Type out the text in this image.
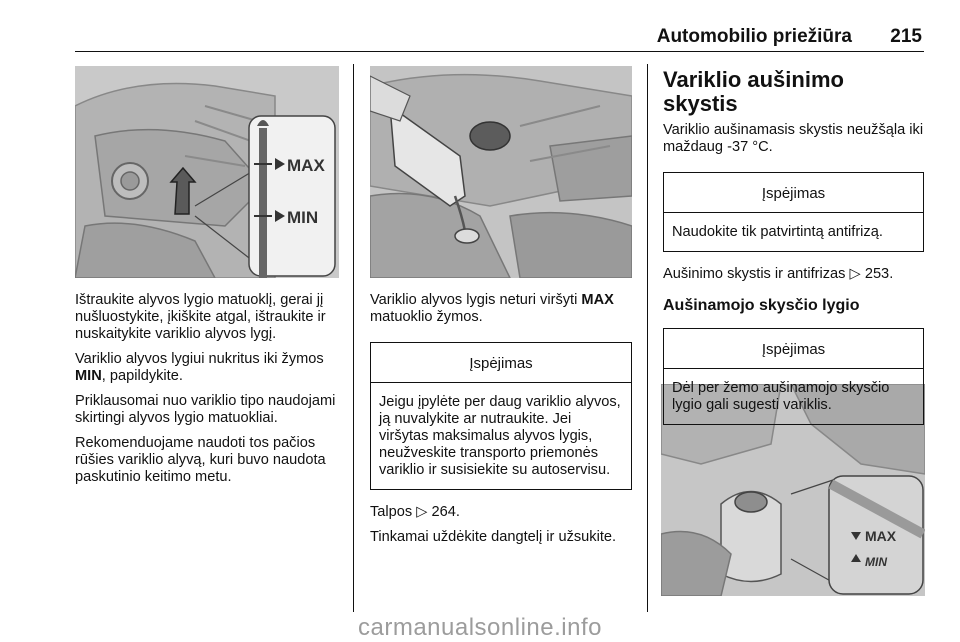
Automobilio priežiūra 215
MAX
MIN
MAX
MIN

Ištraukite alyvos lygio matuoklį, gerai jį nušluostykite, įkiškite atgal, ištraukite ir nuskaitykite variklio alyvos lygį.

Variklio alyvos lygiui nukritus iki žymos MIN, papildykite.

Priklausomai nuo variklio tipo naudojami skirtingi alyvos lygio matuokliai.

Rekomenduojame naudoti tos pačios rūšies variklio alyvą, kuri buvo naudota paskutinio keitimo metu.

Variklio alyvos lygis neturi viršyti MAX matuoklio žymos.

Įspėjimas
Jeigu įpylėte per daug variklio alyvos, ją nuvalykite ar nutraukite. Jei viršytas maksimalus alyvos lygis, neužveskite transporto priemonės variklio ir susisiekite su autoservisu.

Talpos ▷ 264.

Tinkamai uždėkite dangtelį ir užsukite.

Variklio aušinimo skystis

Variklio aušinamasis skystis neužšąla iki maždaug -37 °C.

Įspėjimas
Naudokite tik patvirtintą antifrizą.

Aušinimo skystis ir antifrizas ▷ 253.

Aušinamojo skysčio lygio
Įspėjimas
Dėl per žemo aušinamojo skysčio lygio gali sugesti variklis.
carmanualsonline.info
